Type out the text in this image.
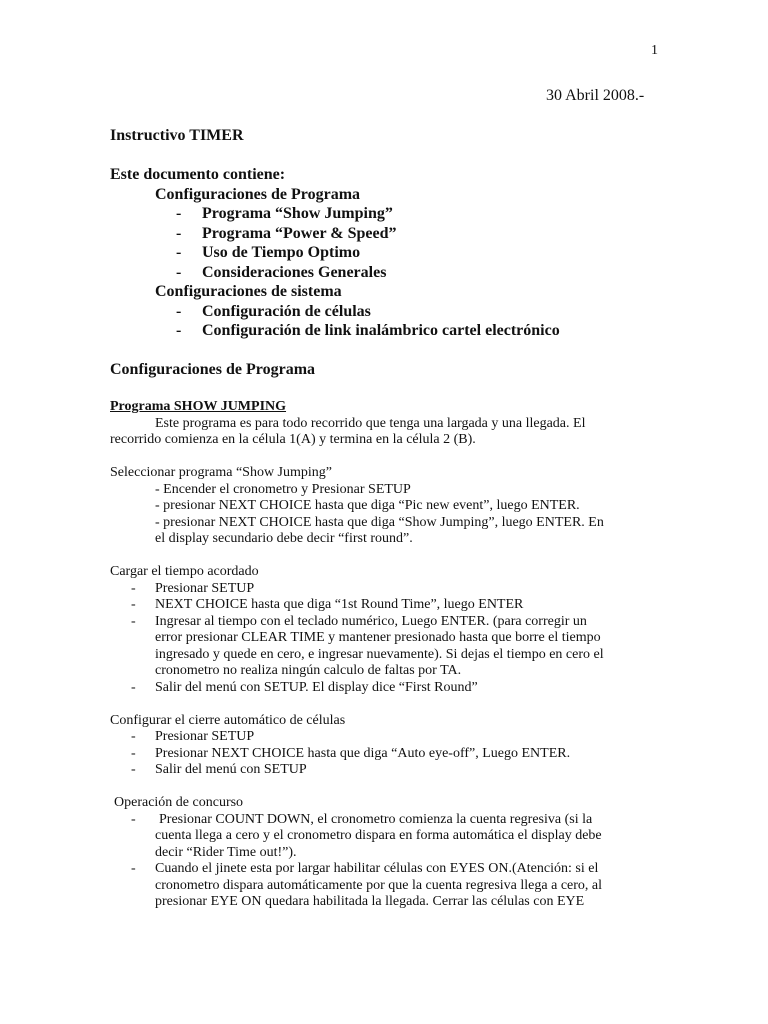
1
30 Abril 2008.-
Instructivo TIMER
Este documento contiene:
Configuraciones de Programa
- Programa “Show Jumping”
- Programa “Power & Speed”
- Uso de Tiempo Optimo
- Consideraciones Generales
Configuraciones de sistema
- Configuración de células
- Configuración de link inalámbrico cartel electrónico
Configuraciones de Programa
Programa SHOW JUMPING
Este programa es para todo recorrido que tenga una largada y una llegada. El
recorrido comienza en la célula 1(A) y termina en la célula 2 (B).
Seleccionar programa “Show Jumping”
- Encender el cronometro y Presionar SETUP
- presionar NEXT CHOICE hasta que diga “Pic new event”, luego ENTER.
- presionar NEXT CHOICE hasta que diga “Show Jumping”, luego ENTER. En
el display secundario debe decir “first round”.
Cargar el tiempo acordado
- Presionar SETUP
- NEXT CHOICE hasta que diga “1st Round Time”, luego ENTER
- Ingresar al tiempo con el teclado numérico, Luego ENTER. (para corregir un
error presionar CLEAR TIME y mantener presionado hasta que borre el tiempo
ingresado y quede en cero, e ingresar nuevamente). Si dejas el tiempo en cero el
cronometro no realiza ningún calculo de faltas por TA.
- Salir del menú con SETUP. El display dice “First Round”
Configurar el cierre automático de células
- Presionar SETUP
- Presionar NEXT CHOICE hasta que diga “Auto eye-off”, Luego ENTER.
- Salir del menú con SETUP
Operación de concurso
- Presionar COUNT DOWN, el cronometro comienza la cuenta regresiva (si la
cuenta llega a cero y el cronometro dispara en forma automática el display debe
decir “Rider Time out!”).
- Cuando el jinete esta por largar habilitar células con EYES ON.(Atención: si el
cronometro dispara automáticamente por que la cuenta regresiva llega a cero, al
presionar EYE ON quedara habilitada la llegada. Cerrar las células con EYE
